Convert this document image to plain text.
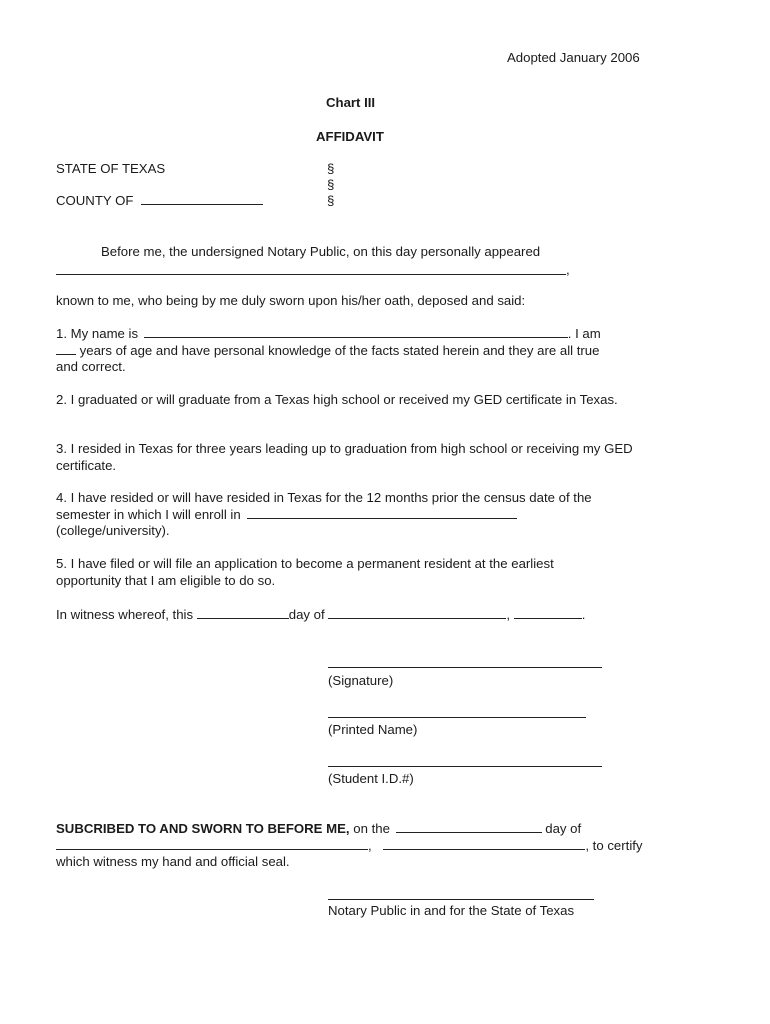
Adopted January 2006
Chart III
AFFIDAVIT
STATE OF TEXAS
COUNTY OF
§
§
§
Before me, the undersigned Notary Public, on this day personally appeared
,
known to me, who being by me duly sworn upon his/her oath, deposed and said:
1. My name is	. I am
years of age and have personal knowledge of the facts stated herein and they are all true
and correct.
2. I graduated or will graduate from a Texas high school or received my GED certificate in Texas.
3. I resided in Texas for three years leading up to graduation from high school or receiving my GED certificate.
4. I have resided or will have resided in Texas for the 12 months prior the census date of the
semester in which I will enroll in
(college/university).
5. I have filed or will file an application to become a permanent resident at the earliest opportunity that I am eligible to do so.
In witness whereof, this	day of	,	.
(Signature)
(Printed Name)
(Student I.D.#)
SUBCRIBED TO AND SWORN TO BEFORE ME, on the	day of
,	, to certify
which witness my hand and official seal.
Notary Public in and for the State of Texas
